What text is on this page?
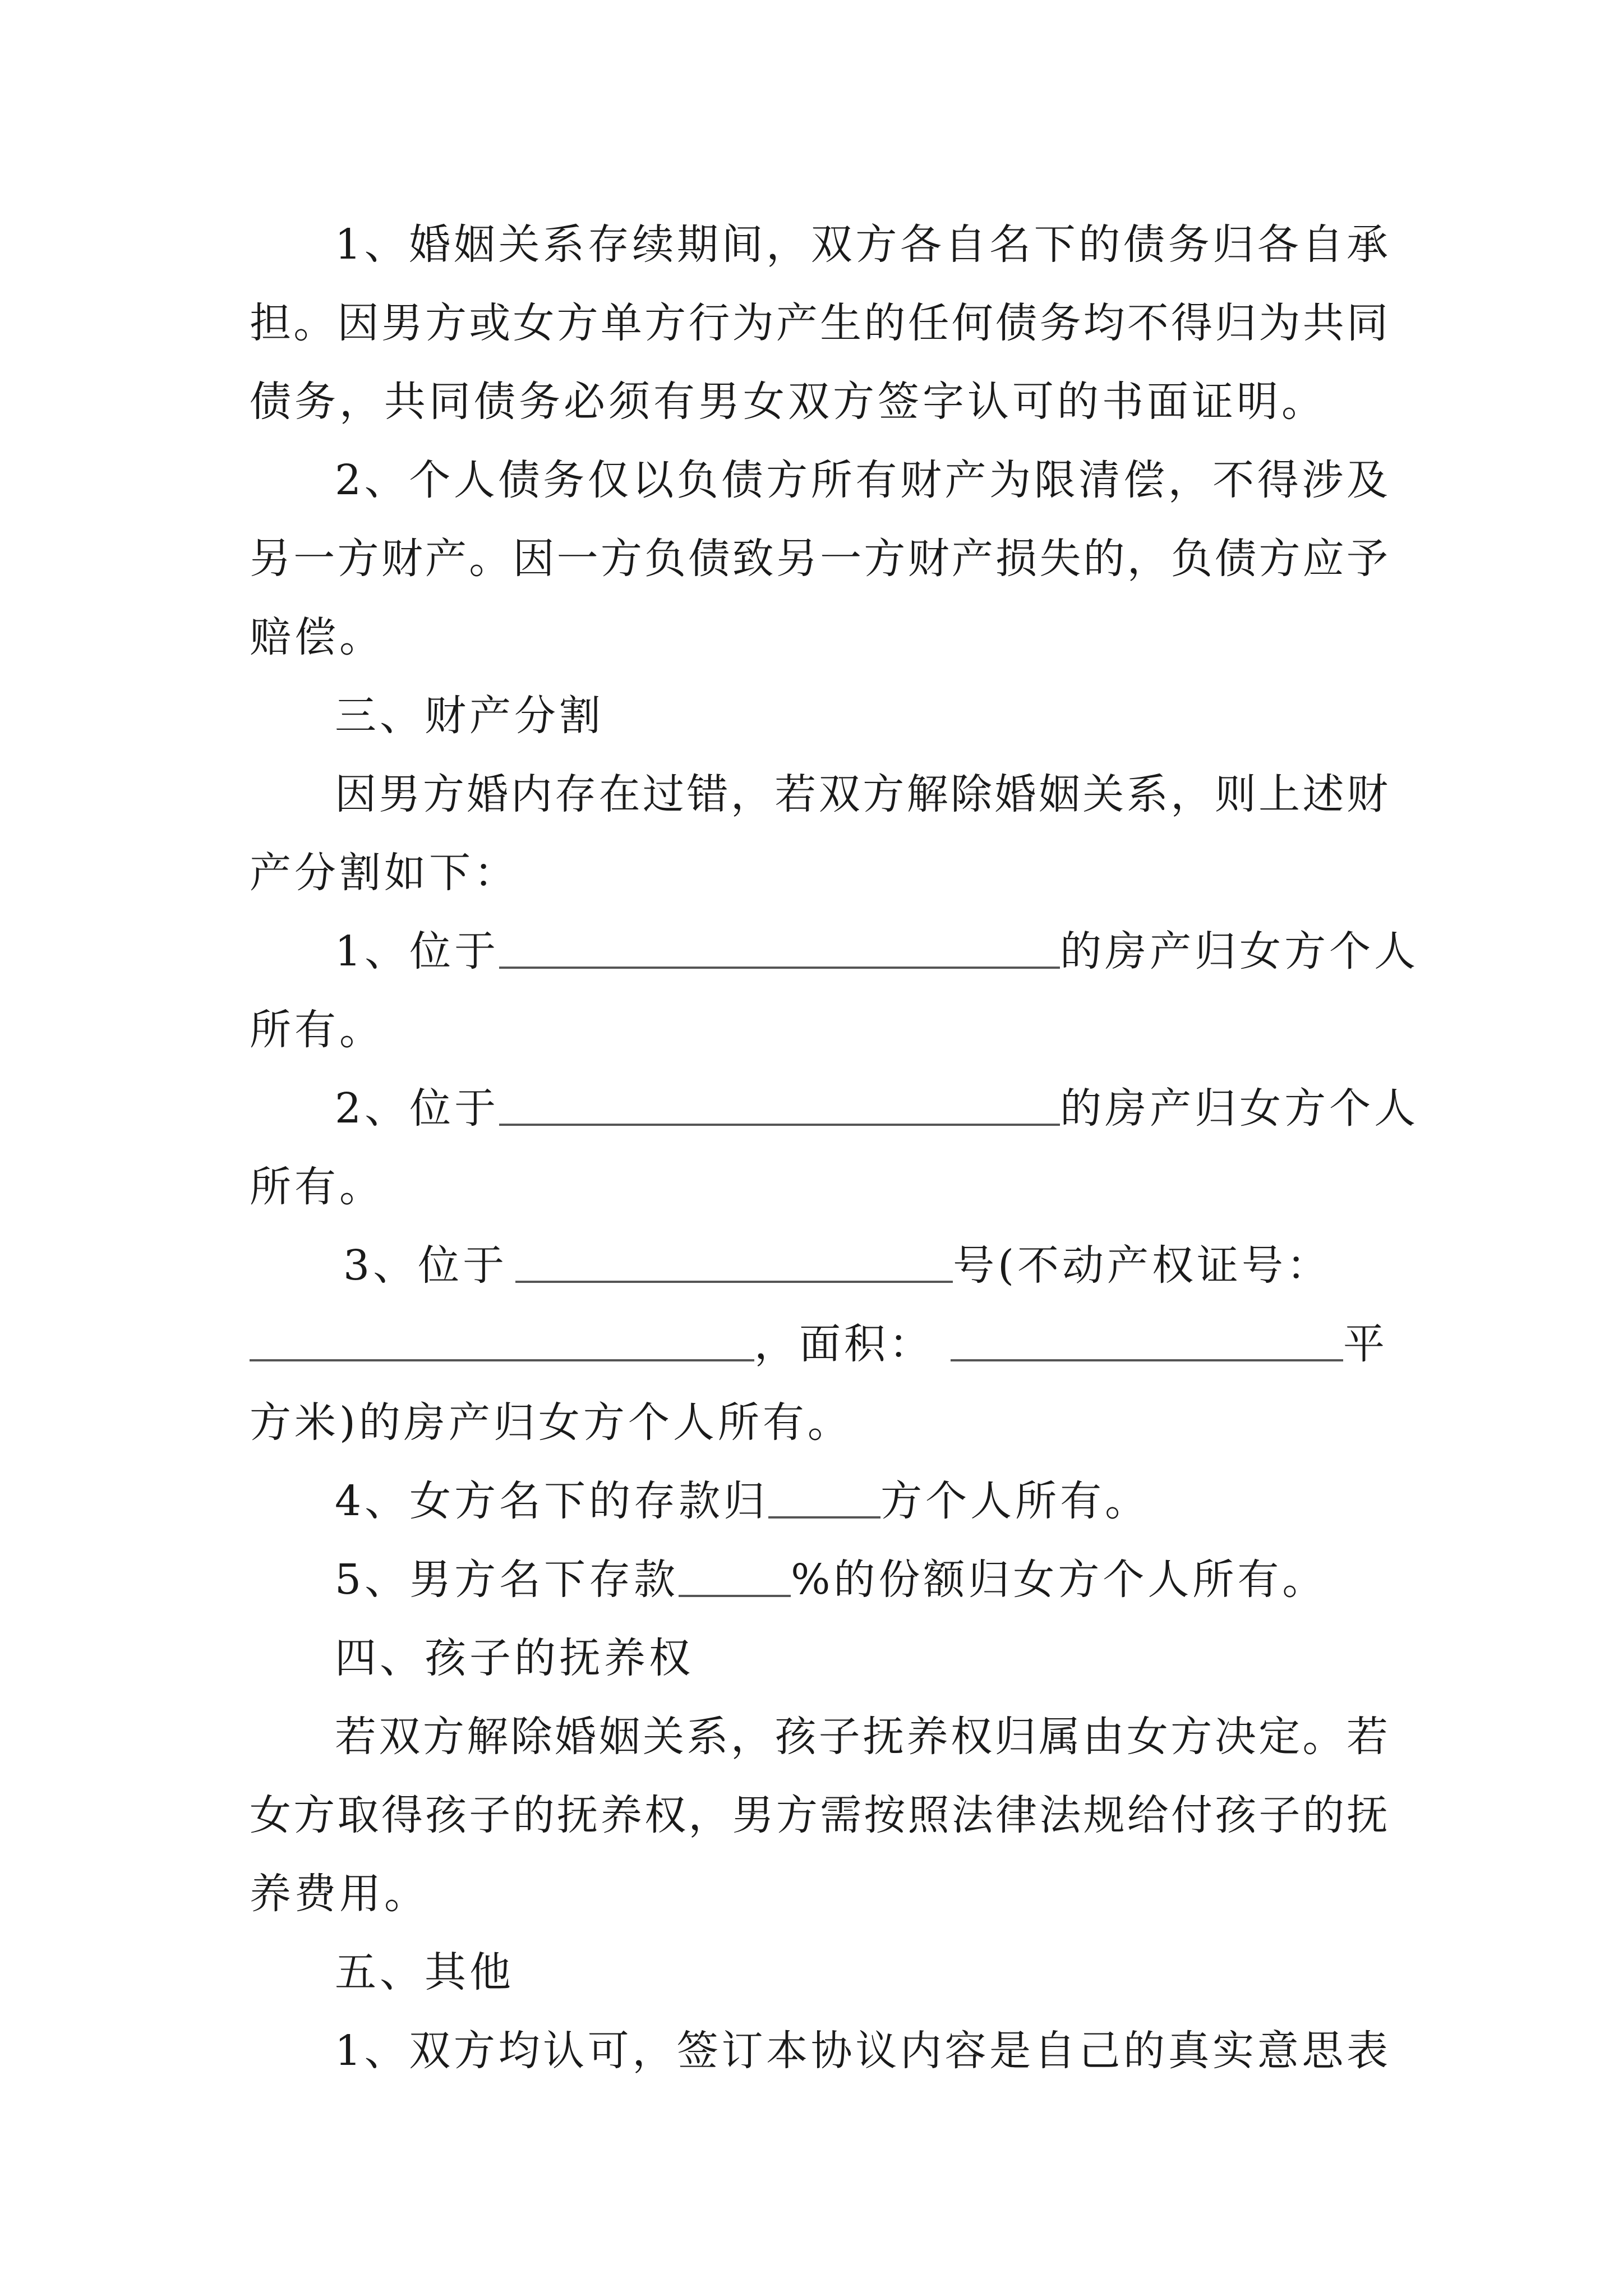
1、婚姻关系存续期间，双方各自名下的债务归各自承
担。因男方或女方单方行为产生的任何债务均不得归为共同
债务，共同债务必须有男女双方签字认可的书面证明。
2、个人债务仅以负债方所有财产为限清偿，不得涉及
另一方财产。因一方负债致另一方财产损失的，负债方应予
赔偿。
三、财产分割
因男方婚内存在过错，若双方解除婚姻关系，则上述财
产分割如下：
1、位于	的房产归女方个人
所有。
2、位于	的房产归女方个人
所有。
3、位于	号(不动产权证号：
，面积：	平
方米)的房产归女方个人所有。
4、女方名下的存款归	方个人所有。
5、男方名下存款	%的份额归女方个人所有。
四、孩子的抚养权
若双方解除婚姻关系，孩子抚养权归属由女方决定。若
女方取得孩子的抚养权，男方需按照法律法规给付孩子的抚
养费用。
五、其他
1、双方均认可，签订本协议内容是自己的真实意思表
